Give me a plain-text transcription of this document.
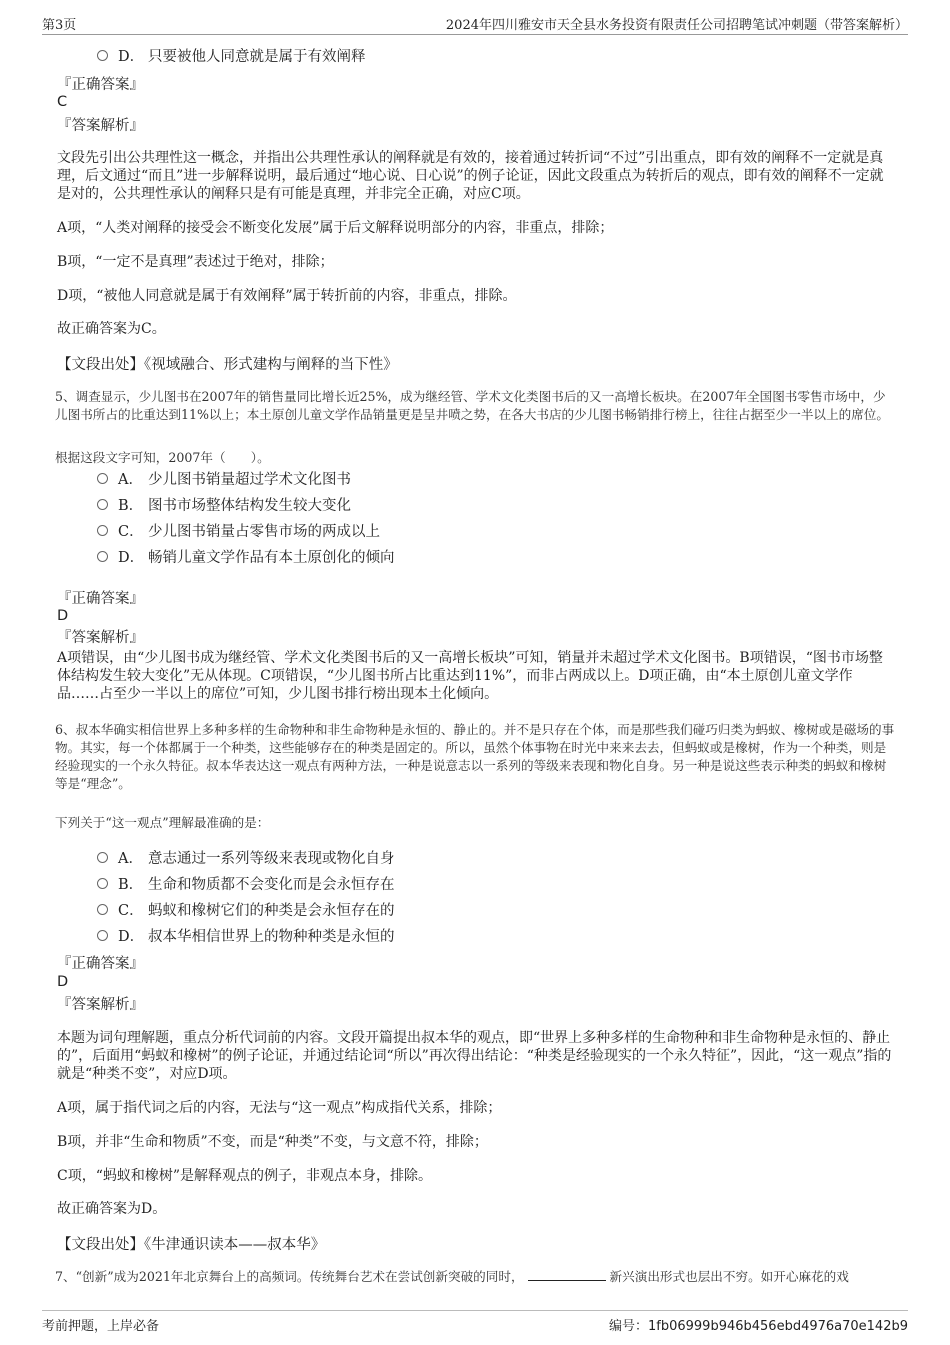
第3页	2024年四川雅安市天全县水务投资有限责任公司招聘笔试冲刺题（带答案解析）
D． 只要被他人同意就是属于有效阐释
『正确答案』
C
『答案解析』
文段先引出公共理性这一概念，并指出公共理性承认的阐释就是有效的，接着通过转折词“不过”引出重点，即有效的阐释不一定就是真理，后文通过“而且”进一步解释说明，最后通过“地心说、日心说”的例子论证，因此文段重点为转折后的观点，即有效的阐释不一定就是对的，公共理性承认的阐释只是有可能是真理，并非完全正确，对应C项。
A项，“人类对阐释的接受会不断变化发展”属于后文解释说明部分的内容，非重点，排除；
B项，“一定不是真理”表述过于绝对，排除；
D项，“被他人同意就是属于有效阐释”属于转折前的内容，非重点，排除。
故正确答案为C。
【文段出处】《视域融合、形式建构与阐释的当下性》
5、调查显示，少儿图书在2007年的销售量同比增长近25%，成为继经管、学术文化类图书后的又一高增长板块。在2007年全国图书零售市场中，少儿图书所占的比重达到11%以上；本土原创儿童文学作品销量更是呈井喷之势，在各大书店的少儿图书畅销排行榜上，往往占据至少一半以上的席位。
根据这段文字可知，2007年（　　）。
A． 少儿图书销量超过学术文化图书
B． 图书市场整体结构发生较大变化
C． 少儿图书销量占零售市场的两成以上
D． 畅销儿童文学作品有本土原创化的倾向
『正确答案』
D
『答案解析』
A项错误，由“少儿图书成为继经管、学术文化类图书后的又一高增长板块”可知，销量并未超过学术文化图书。B项错误，“图书市场整体结构发生较大变化”无从体现。C项错误，“少儿图书所占比重达到11%”，而非占两成以上。D项正确，由“本土原创儿童文学作品……占至少一半以上的席位”可知，少儿图书排行榜出现本土化倾向。
6、叔本华确实相信世界上多种多样的生命物种和非生命物种是永恒的、静止的。并不是只存在个体，而是那些我们碰巧归类为蚂蚁、橡树或是磁场的事物。其实，每一个体都属于一个种类，这些能够存在的种类是固定的。所以，虽然个体事物在时光中来来去去，但蚂蚁或是橡树，作为一个种类，则是经验现实的一个永久特征。叔本华表达这一观点有两种方法，一种是说意志以一系列的等级来表现和物化自身。另一种是说这些表示种类的蚂蚁和橡树等是“理念”。
下列关于“这一观点”理解最准确的是：
A． 意志通过一系列等级来表现或物化自身
B． 生命和物质都不会变化而是会永恒存在
C． 蚂蚁和橡树它们的种类是会永恒存在的
D． 叔本华相信世界上的物种种类是永恒的
『正确答案』
D
『答案解析』
本题为词句理解题，重点分析代词前的内容。文段开篇提出叔本华的观点，即“世界上多种多样的生命物种和非生命物种是永恒的、静止的”，后面用“蚂蚁和橡树”的例子论证，并通过结论词“所以”再次得出结论：“种类是经验现实的一个永久特征”，因此，“这一观点”指的就是“种类不变”，对应D项。
A项，属于指代词之后的内容，无法与“这一观点”构成指代关系，排除；
B项，并非“生命和物质”不变，而是“种类”不变，与文意不符，排除；
C项，“蚂蚁和橡树”是解释观点的例子，非观点本身，排除。
故正确答案为D。
【文段出处】《牛津通识读本——叔本华》
7、“创新”成为2021年北京舞台上的高频词。传统舞台艺术在尝试创新突破的同时，	新兴演出形式也层出不穷。如开心麻花的戏
考前押题，上岸必备	编号：1fb06999b946b456ebd4976a70e142b9
